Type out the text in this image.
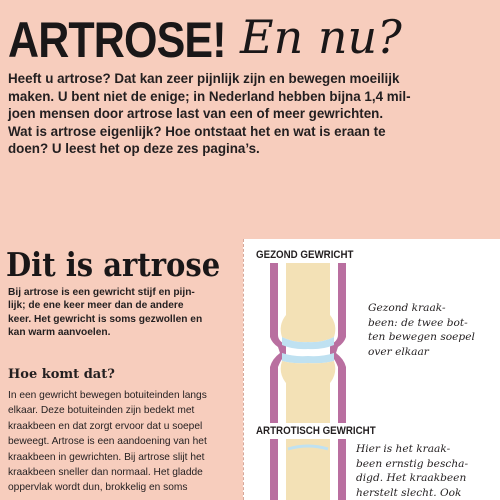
ARTROSE! En nu?

Heeft u artrose? Dat kan zeer pijnlijk zijn en bewegen moeilijk

maken. U bent niet de enige; in Nederland hebben bijna 1,4 mil-

joen mensen door artrose last van een of meer gewrichten.

Wat is artrose eigenlijk? Hoe ontstaat het en wat is eraan te

doen? U leest het op deze zes pagina’s.

Dit is artrose
Bij artrose is een gewricht stijf en pijn-
lijk; de ene keer meer dan de andere
keer. Het gewricht is soms gezwollen en
kan warm aanvoelen.
Hoe komt dat?
In een gewricht bewegen botuiteinden langs
elkaar. Deze botuiteinden zijn bedekt met
kraakbeen en dat zorgt ervoor dat u soepel
beweegt. Artrose is een aandoening van het
kraakbeen in gewrichten. Bij artrose slijt het
kraakbeen sneller dan normaal. Het gladde
oppervlak wordt dun, brokkelig en soms
GEZOND GEWRICHT
Gezond kraak-
been: de twee bot-
ten bewegen soepel
over elkaar
ARTROTISCH GEWRICHT
Hier is het kraak-
been ernstig bescha-
digd. Het kraakbeen
herstelt slecht. Ook
